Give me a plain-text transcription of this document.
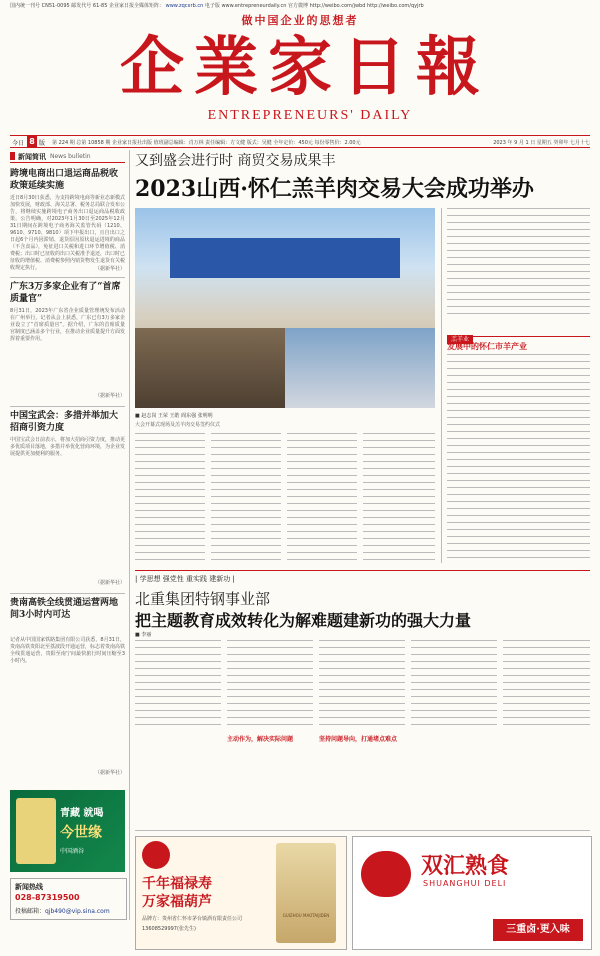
国内统一刊号 CN51-0095 邮发代号 61-85 企业家日报全媒体矩阵： www.zqcxrb.cn 电子版 www.entrepreneurdaily.cn 官方微博 http://weibo.com/jwbd http://weibo.com/qyjrb
做中国企业的思想者
企業家日報
ENTREPRENEURS' DAILY
今日 8 版 第 224 期 总第 10858 期 企业家日报社出版 值班副总编辑：肖万林 责任编辑：方文健 版式：吴健 全年定价：450元 每份零售价：2.00元	2023 年 9 月 1 日 星期五 癸卯年 七月十七
新闻简讯 News bulletin
跨境电商出口退运商品税收政策延续实施
近日8月30日获悉，为支持跨境电商等新业态新模式加快发展，财政部、海关总署、税务总局联合发布公告，将继续实施跨境电子商务出口退运商品税收政策。公告明确，对2023年1月30日至2025年12月31日期间在跨境电子商务海关监管代码（1210、9610、9710、9810）项下申报出口，且自出口之日起6个月内因滞销、退货原因原状退运进境的商品（不含食品），免征进口关税和进口环节增值税、消费税；出口时已征收的出口关税准予退还，出口时已征收的增值税、消费税参照内销货物发生退货有关税收规定执行。	（据新华社）
广东3万多家企业有了“首席质量官”
8月31日，2023年广东省企业质量管理统发布活动在广州举行，记者从会上获悉，广东已有3万多家企业设立了“首席质量官”。据介绍，广东的首席质量官制度已涵盖多个行业，在推动企业质量提升方面发挥着重要作用。
（据新华社）
中国宝武会：多措并举加大招商引资力度
中国宝武会日前表示，将加大招商引资力度，推动更多优质项目落地，多措并举优化营商环境，为企业发展提供更加便利的服务。
（据新华社）
贵南高铁全线贯通运营两地间3小时内可达
记者从中国国家铁路集团有限公司获悉，8月31日，贵南高铁贵阳北至荔波段开通运营，标志着贵南高铁全线贯通运营，贵阳至南宁间最快旅行时间压缩至3小时内。
（据新华社）
青藏 就喝
今世缘
中国酒谷
新闻热线
028-87319500
投稿邮箱：qjb490@vip.sina.com
又到盛会进行时 商贸交易成果丰
2023山西·怀仁羔羊肉交易大会成功举办
■ 赵志岗 王荣 王皓 阎东强 张明明
大会开幕式现场及羔羊肉交易签约仪式
羔羊业
发展中的怀仁市羊产业
| 学思想 强党性 重实践 建新功 |
北重集团特钢事业部
把主题教育成效转化为解难题建新功的强大力量
■ 李丽
主动作为，解决实际问题	坚持问题导向，打通堵点难点
千年福禄寿
万家福葫芦
品牌方：贵州省仁怀市茅台镇酒有限责任公司
13608529997(张先生)
GUIZHOU MAOTAIJIDEN
双汇熟食
SHUANGHUI DELI
三重卤·更入味
